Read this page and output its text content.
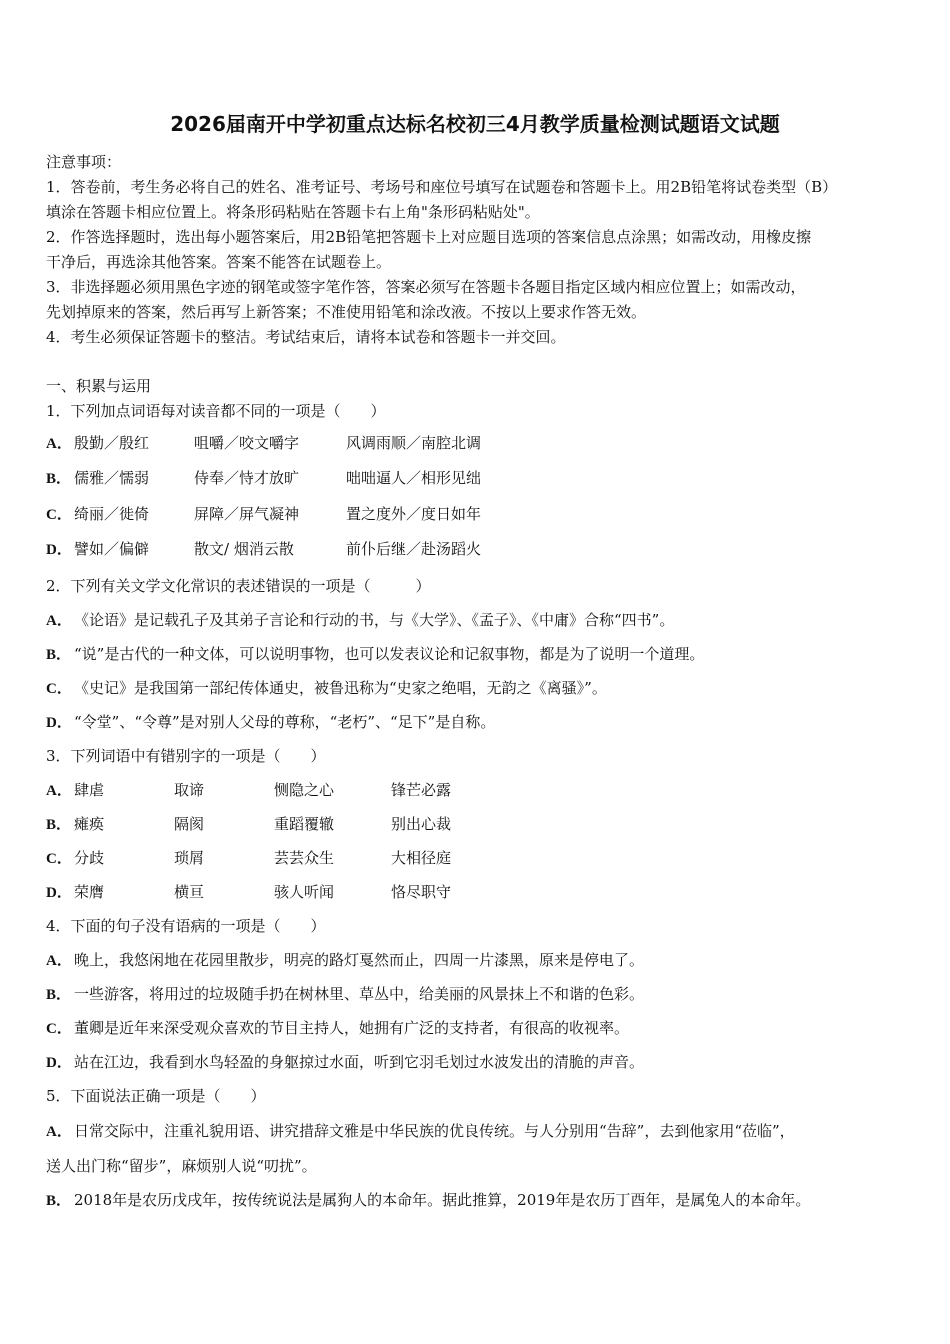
2026届南开中学初重点达标名校初三4月教学质量检测试题语文试题
注意事项：
1．答卷前，考生务必将自己的姓名、准考证号、考场号和座位号填写在试题卷和答题卡上。用2B铅笔将试卷类型（B）
填涂在答题卡相应位置上。将条形码粘贴在答题卡右上角"条形码粘贴处"。
2．作答选择题时，选出每小题答案后，用2B铅笔把答题卡上对应题目选项的答案信息点涂黑；如需改动，用橡皮擦
干净后，再选涂其他答案。答案不能答在试题卷上。
3．非选择题必须用黑色字迹的钢笔或签字笔作答，答案必须写在答题卡各题目指定区域内相应位置上；如需改动，
先划掉原来的答案，然后再写上新答案；不准使用铅笔和涂改液。不按以上要求作答无效。
4．考生必须保证答题卡的整洁。考试结束后，请将本试卷和答题卡一并交回。
一、积累与运用
1．下列加点词语每对读音都不同的一项是（　　）
A． 殷勤／殷红	咀嚼／咬文嚼字	风调雨顺／南腔北调
B． 儒雅／懦弱	侍奉／恃才放旷	咄咄逼人／相形见绌
C． 绮丽／徙倚	屏障／屏气凝神	置之度外／度日如年
D． 譬如／偏僻	散文/ 烟消云散	前仆后继／赴汤蹈火
2．下列有关文学文化常识的表述错误的一项是（　　　）
A． 《论语》是记载孔子及其弟子言论和行动的书，与《大学》、《孟子》、《中庸》合称“四书”。
B． “说”是古代的一种文体，可以说明事物，也可以发表议论和记叙事物，都是为了说明一个道理。
C． 《史记》是我国第一部纪传体通史，被鲁迅称为“史家之绝唱，无韵之《离骚》”。
D． “令堂”、“令尊”是对别人父母的尊称，“老朽”、“足下”是自称。
3．下列词语中有错别字的一项是（　　）
A． 肆虐	取谛	恻隐之心	锋芒必露
B． 瘫痪	隔阂	重蹈覆辙	别出心裁
C． 分歧	琐屑	芸芸众生	大相径庭
D． 荣膺	横亘	骇人听闻	恪尽职守
4．下面的句子没有语病的一项是（　　）
A． 晚上，我悠闲地在花园里散步，明亮的路灯戛然而止，四周一片漆黑，原来是停电了。
B． 一些游客，将用过的垃圾随手扔在树林里、草丛中，给美丽的风景抹上不和谐的色彩。
C． 董卿是近年来深受观众喜欢的节目主持人，她拥有广泛的支持者，有很高的收视率。
D． 站在江边，我看到水鸟轻盈的身躯掠过水面，听到它羽毛划过水波发出的清脆的声音。
5．下面说法正确一项是（　　）
A． 日常交际中，注重礼貌用语、讲究措辞文雅是中华民族的优良传统。与人分别用“告辞”，去到他家用“莅临”，
送人出门称“留步”，麻烦别人说“叨扰”。
B． 2018年是农历戊戌年，按传统说法是属狗人的本命年。据此推算，2019年是农历丁酉年，是属兔人的本命年。
